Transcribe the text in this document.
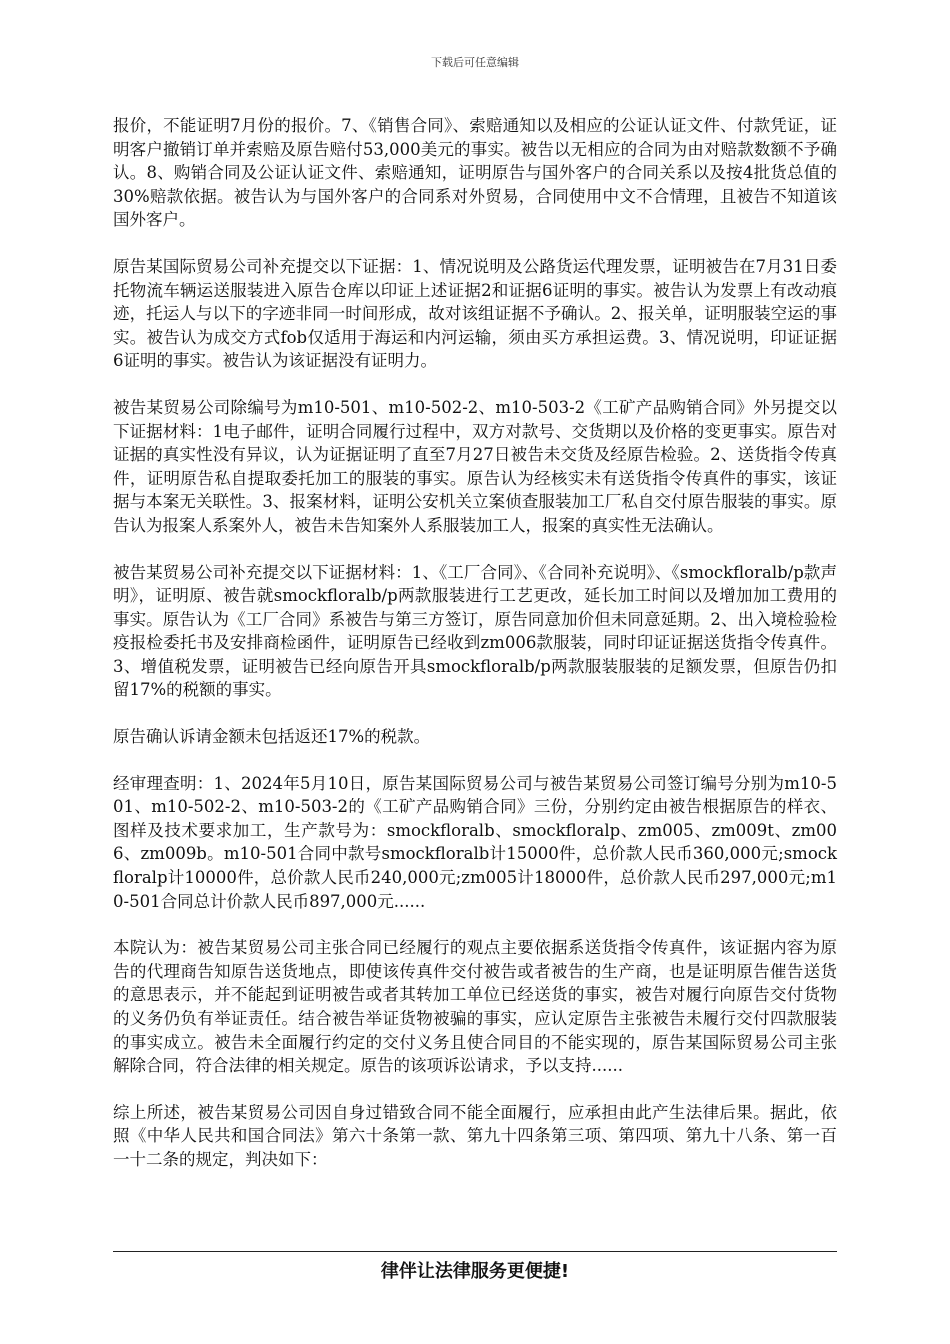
下载后可任意编辑

报价，不能证明7月份的报价。7、《销售合同》、索赔通知以及相应的公证认证文件、付款凭证，证明客户撤销订单并索赔及原告赔付53,000美元的事实。被告以无相应的合同为由对赔款数额不予确认。8、购销合同及公证认证文件、索赔通知，证明原告与国外客户的合同关系以及按4批货总值的30%赔款依据。被告认为与国外客户的合同系对外贸易，合同使用中文不合情理，且被告不知道该国外客户。

原告某国际贸易公司补充提交以下证据：1、情况说明及公路货运代理发票，证明被告在7月31日委托物流车辆运送服装进入原告仓库以印证上述证据2和证据6证明的事实。被告认为发票上有改动痕迹，托运人与以下的字迹非同一时间形成，故对该组证据不予确认。2、报关单，证明服装空运的事实。被告认为成交方式fob仅适用于海运和内河运输，须由买方承担运费。3、情况说明，印证证据6证明的事实。被告认为该证据没有证明力。

被告某贸易公司除编号为m10-501、m10-502-2、m10-503-2《工矿产品购销合同》外另提交以下证据材料：1电子邮件，证明合同履行过程中，双方对款号、交货期以及价格的变更事实。原告对证据的真实性没有异议，认为证据证明了直至7月27日被告未交货及经原告检验。2、送货指令传真件，证明原告私自提取委托加工的服装的事实。原告认为经核实未有送货指令传真件的事实，该证据与本案无关联性。3、报案材料，证明公安机关立案侦查服装加工厂私自交付原告服装的事实。原告认为报案人系案外人，被告未告知案外人系服装加工人，报案的真实性无法确认。

被告某贸易公司补充提交以下证据材料：1、《工厂合同》、《合同补充说明》、《smockfloralb/p款声明》，证明原、被告就smockfloralb/p两款服装进行工艺更改，延长加工时间以及增加加工费用的事实。原告认为《工厂合同》系被告与第三方签订，原告同意加价但未同意延期。2、出入境检验检疫报检委托书及安排商检函件，证明原告已经收到zm006款服装，同时印证证据送货指令传真件。3、增值税发票，证明被告已经向原告开具smockfloralb/p两款服装服装的足额发票，但原告仍扣留17%的税额的事实。

原告确认诉请金额未包括返还17%的税款。

经审理查明：1、2024年5月10日，原告某国际贸易公司与被告某贸易公司签订编号分别为m10-501、m10-502-2、m10-503-2的《工矿产品购销合同》三份，分别约定由被告根据原告的样衣、图样及技术要求加工，生产款号为：smockfloralb、smockfloralp、zm005、zm009t、zm006、zm009b。m10-501合同中款号smockfloralb计15000件，总价款人民币360,000元;smockfloralp计10000件，总价款人民币240,000元;zm005计18000件，总价款人民币297,000元;m10-501合同总计价款人民币897,000元......

本院认为：被告某贸易公司主张合同已经履行的观点主要依据系送货指令传真件，该证据内容为原告的代理商告知原告送货地点，即使该传真件交付被告或者被告的生产商，也是证明原告催告送货的意思表示，并不能起到证明被告或者其转加工单位已经送货的事实，被告对履行向原告交付货物的义务仍负有举证责任。结合被告举证货物被骗的事实，应认定原告主张被告未履行交付四款服装的事实成立。被告未全面履行约定的交付义务且使合同目的不能实现的，原告某国际贸易公司主张解除合同，符合法律的相关规定。原告的该项诉讼请求，予以支持......

综上所述，被告某贸易公司因自身过错致合同不能全面履行，应承担由此产生法律后果。据此，依照《中华人民共和国合同法》第六十条第一款、第九十四条第三项、第四项、第九十八条、第一百一十二条的规定，判决如下：

律伴让法律服务更便捷!
